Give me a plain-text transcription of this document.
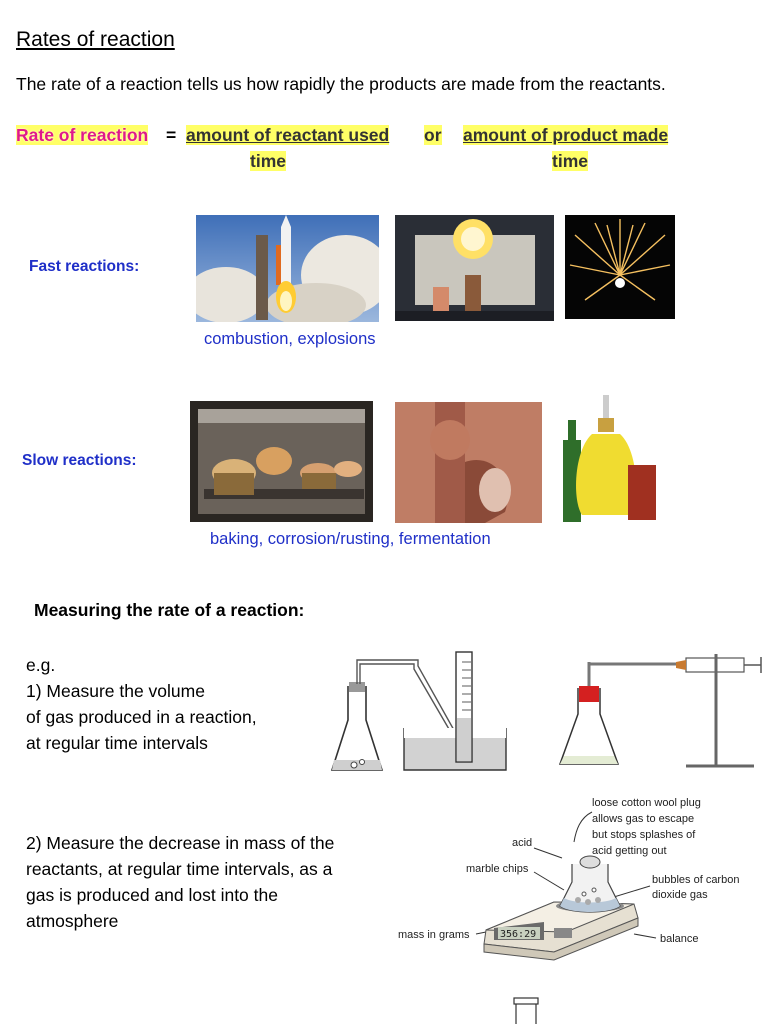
Rates of reaction
The rate of a reaction tells us how rapidly the products are made from the reactants.
Rate of reaction = amount of reactant used
time
or amount of product made
time
Fast reactions:
combustion, explosions
Slow reactions:
baking, corrosion/rusting, fermentation
Measuring the rate of a reaction:
e.g.
1) Measure the volume
of gas produced in a reaction,
at regular time intervals
2) Measure the decrease in mass of the
reactants, at regular time intervals, as a
gas is produced and lost into the
atmosphere
loose cotton wool plug
allows gas to escape
but stops splashes of
acid getting out
acid
marble chips
bubbles of carbon
dioxide gas
mass in grams	balance
356:29
